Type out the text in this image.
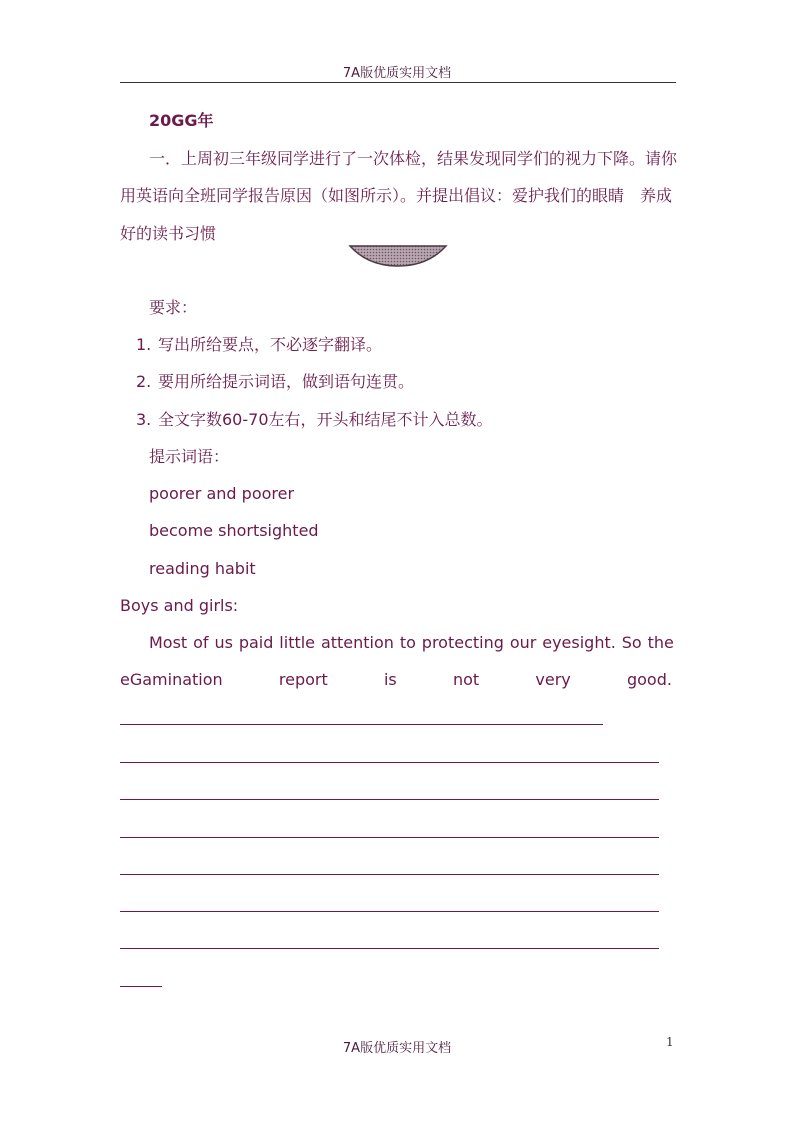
7A版优质实用文档
20GG年
一．上周初三年级同学进行了一次体检，结果发现同学们的视力下降。请你
用英语向全班同学报告原因（如图所示）。并提出倡议：爱护我们的眼睛　养成
好的读书习惯
要求：
1. 写出所给要点，不必逐字翻译。
2. 要用所给提示词语，做到语句连贯。
3. 全文字数60-70左右，开头和结尾不计入总数。
提示词语：
poorer and poorer
become shortsighted
reading habit
Boys and girls:
Most of us paid little attention to protecting our eyesight. So the
eGamination	report	is	not	very	good.
7A版优质实用文档	1
